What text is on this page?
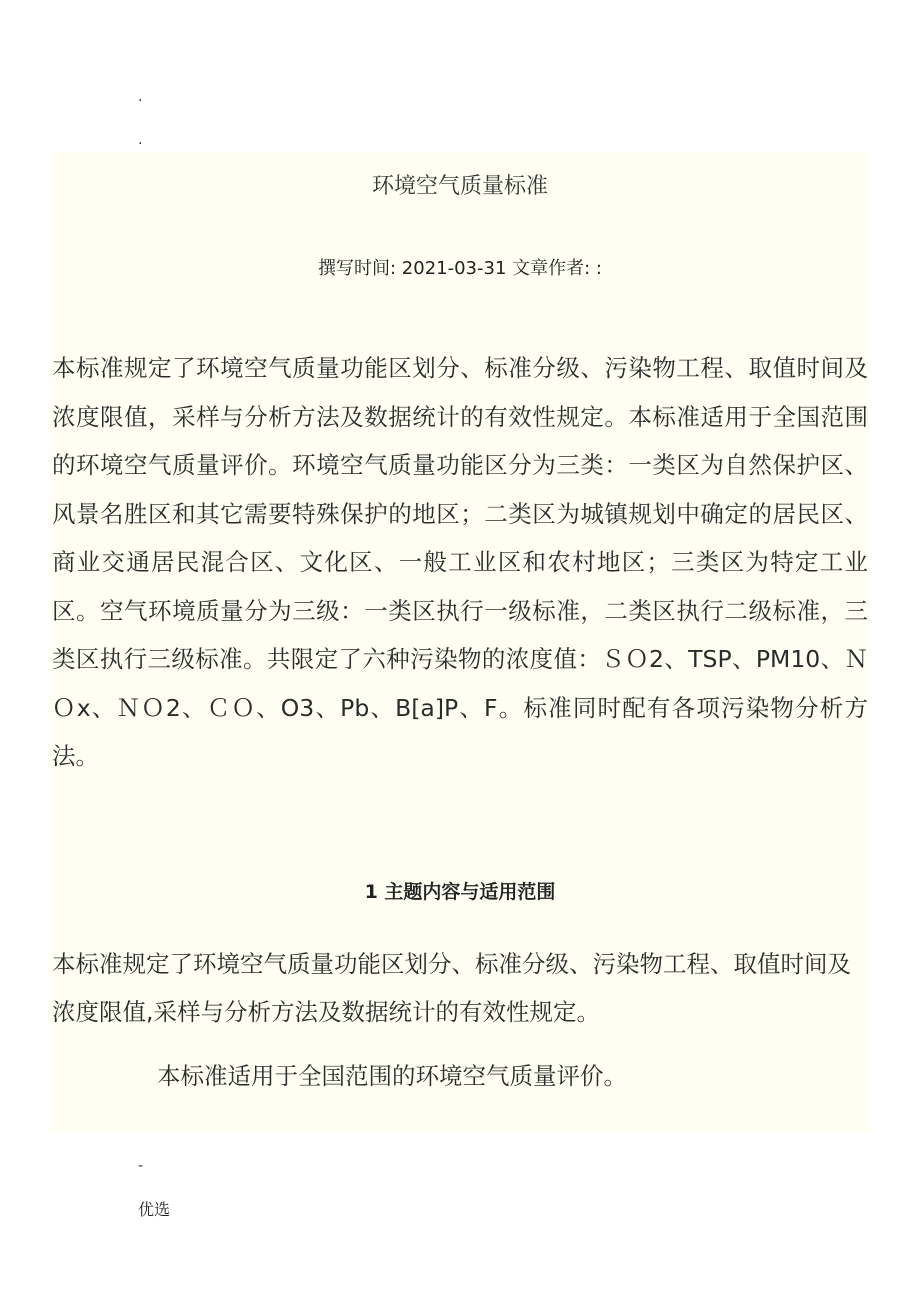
.
.
环境空气质量标准
撰写时间: 2021-03-31 文章作者: :

本标准规定了环境空气质量功能区划分、标准分级、污染物工程、取值时间及浓度限值，采样与分析方法及数据统计的有效性规定。本标准适用于全国范围的环境空气质量评价。环境空气质量功能区分为三类：一类区为自然保护区、风景名胜区和其它需要特殊保护的地区；二类区为城镇规划中确定的居民区、商业交通居民混合区、文化区、一般工业区和农村地区；三类区为特定工业区。空气环境质量分为三级：一类区执行一级标准，二类区执行二级标准，三类区执行三级标准。共限定了六种污染物的浓度值：ＳＯ2、TSP、PM10、ＮＯx、ＮＯ2、ＣＯ、O3、Pb、B[a]P、F。标准同时配有各项污染物分析方法。

1 主题内容与适用范围

本标准规定了环境空气质量功能区划分、标准分级、污染物工程、取值时间及浓度限值,采样与分析方法及数据统计的有效性规定。

本标准适用于全国范围的环境空气质量评价。

-
优选
